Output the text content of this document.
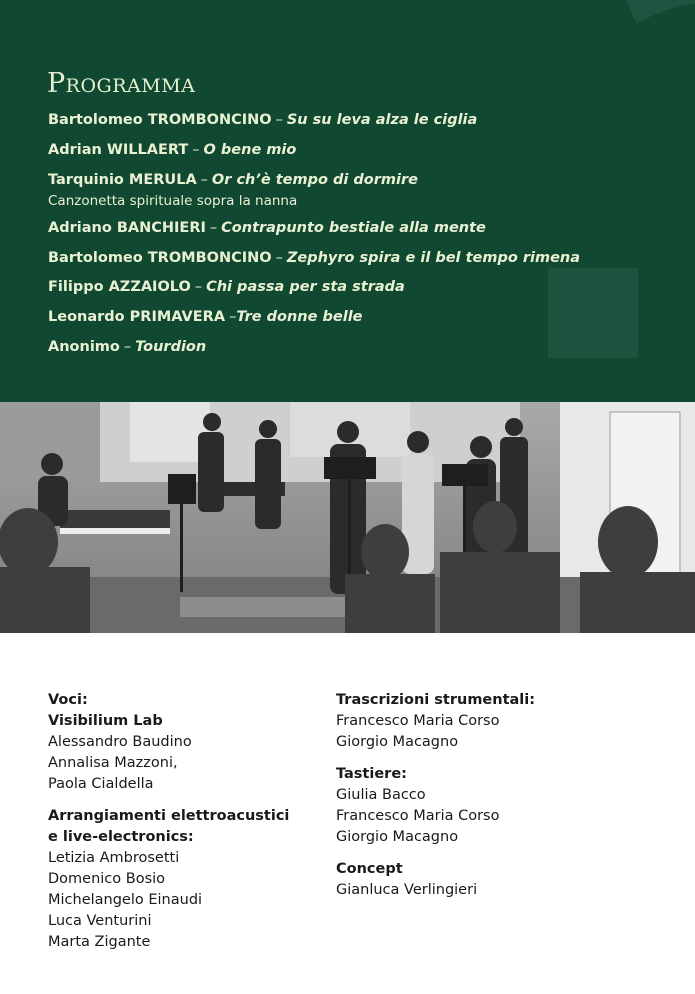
Programma
Bartolomeo TROMBONCINO – Su su leva alza le ciglia
Adrian WILLAERT – O bene mio
Tarquinio MERULA – Or ch’è tempo di dormire
Canzonetta spirituale sopra la nanna
Adriano BANCHIERI – Contrapunto bestiale alla mente
Bartolomeo TROMBONCINO – Zephyro spira e il bel tempo rimena
Filippo AZZAIOLO – Chi passa per sta strada
Leonardo PRIMAVERA –Tre donne belle
Anonimo – Tourdion
Voci:
Visibilium Lab
Alessandro Baudino
Annalisa Mazzoni,
Paola Cialdella
Arrangiamenti elettroacustici
e live-electronics:
Letizia Ambrosetti
Domenico Bosio
Michelangelo Einaudi
Luca Venturini
Marta Zigante
Trascrizioni strumentali:
Francesco Maria Corso
Giorgio Macagno
Tastiere:
Giulia Bacco
Francesco Maria Corso
Giorgio Macagno
Concept
Gianluca Verlingieri
